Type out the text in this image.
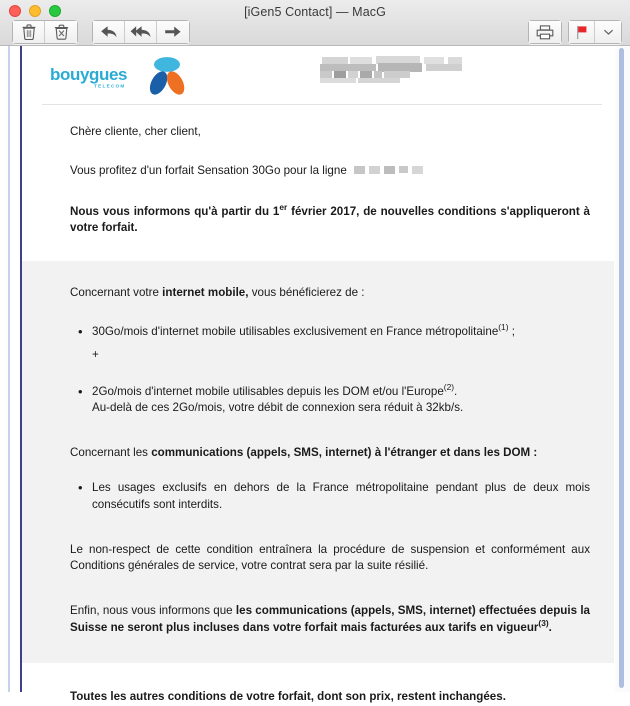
[iGen5 Contact] — MacG
bouygues
TELECOM

Chère cliente, cher client,

Vous profitez d'un forfait Sensation 30Go pour la ligne

Nous vous informons qu'à partir du 1er février 2017, de nouvelles conditions s'appliqueront à votre forfait.

Concernant votre internet mobile, vous bénéficierez de :

• 30Go/mois d'internet mobile utilisables exclusivement en France métropolitaine$^{(1)}$ ;
+
• 2Go/mois d'internet mobile utilisables depuis les DOM et/ou l'Europe$^{(2)}$.
Au-delà de ces 2Go/mois, votre débit de connexion sera réduit à 32kb/s.

Concernant les communications (appels, SMS, internet) à l'étranger et dans les DOM :

• Les usages exclusifs en dehors de la France métropolitaine pendant plus de deux mois consécutifs sont interdits.

Le non-respect de cette condition entraînera la procédure de suspension et conformément aux Conditions générales de service, votre contrat sera par la suite résilié.

Enfin, nous vous informons que les communications (appels, SMS, internet) effectuées depuis la Suisse ne seront plus incluses dans votre forfait mais facturées aux tarifs en vigueur$^{(3)}$.

Toutes les autres conditions de votre forfait, dont son prix, restent inchangées.
